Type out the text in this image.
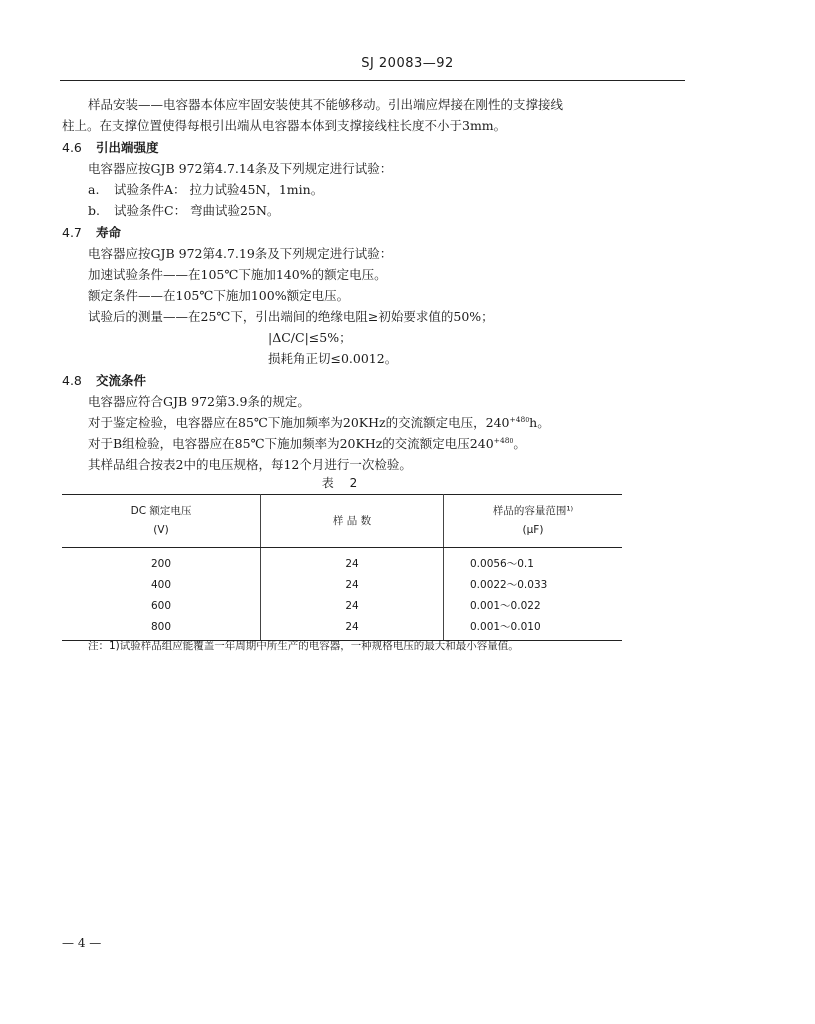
SJ 20083—92
样品安装——电容器本体应牢固安装使其不能够移动。引出端应焊接在刚性的支撑接线
柱上。在支撑位置使得每根引出端从电容器本体到支撑接线柱长度不小于3mm。
4.6 引出端强度
电容器应按GJB 972第4.7.14条及下列规定进行试验：
a. 试验条件A： 拉力试验45N，1min。
b. 试验条件C： 弯曲试验25N。
4.7 寿命
电容器应按GJB 972第4.7.19条及下列规定进行试验：
加速试验条件——在105℃下施加140%的额定电压。
额定条件——在105℃下施加100%额定电压。
试验后的测量——在25℃下，引出端间的绝缘电阻≥初始要求值的50%；
|ΔC/C|≤5%；
损耗角正切≤0.0012。
4.8 交流条件
电容器应符合GJB 972第3.9条的规定。
对于鉴定检验，电容器应在85℃下施加频率为20KHz的交流额定电压，$240^{+480}h$。
对于B组检验，电容器应在85℃下施加频率为20KHz的交流额定电压$240^{+480}$。
其样品组合按表2中的电压规格，每12个月进行一次检验。
表 2
DC 额定电压
(V)	样 品 数	样品的容量范围¹⁾
(μF)
200	24	0.0056～0.1
400	24	0.0022～0.033
600	24	0.001～0.022
800	24	0.001～0.010
注：1)试验样品组应能覆盖一年周期中所生产的电容器，一种规格电压的最大和最小容量值。
— 4 —
